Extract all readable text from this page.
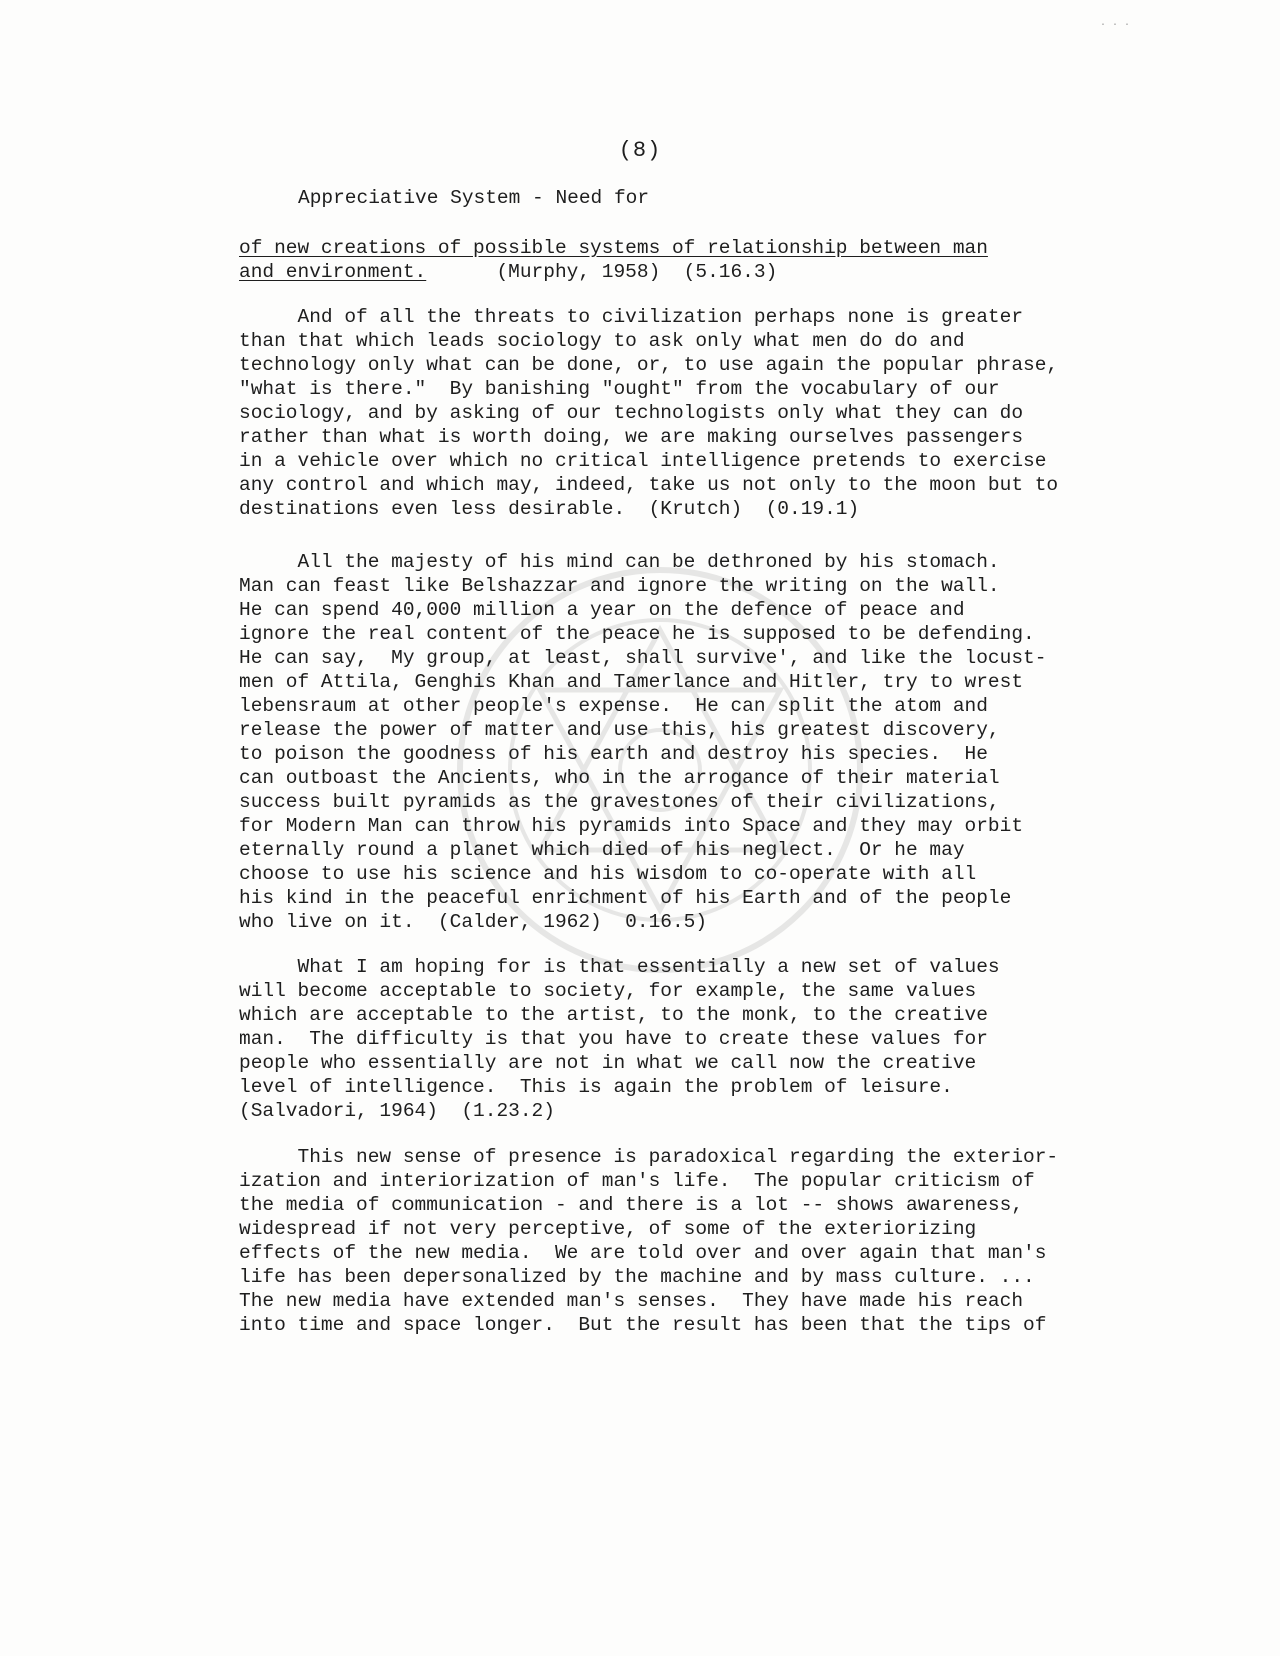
· · ·
(8)
Appreciative System - Need for
of new creations of possible systems of relationship between man
and environment.      (Murphy, 1958)  (5.16.3)

And of all the threats to civilization perhaps none is greater
than that which leads sociology to ask only what men do do and
technology only what can be done, or, to use again the popular phrase,
"what is there."  By banishing "ought" from the vocabulary of our
sociology, and by asking of our technologists only what they can do
rather than what is worth doing, we are making ourselves passengers
in a vehicle over which no critical intelligence pretends to exercise
any control and which may, indeed, take us not only to the moon but to
destinations even less desirable.  (Krutch)  (0.19.1)

All the majesty of his mind can be dethroned by his stomach.
Man can feast like Belshazzar and ignore the writing on the wall.
He can spend 40,000 million a year on the defence of peace and
ignore the real content of the peace he is supposed to be defending.
He can say,  My group, at least, shall survive', and like the locust-
men of Attila, Genghis Khan and Tamerlance and Hitler, try to wrest
lebensraum at other people's expense.  He can split the atom and
release the power of matter and use this, his greatest discovery,
to poison the goodness of his earth and destroy his species.  He
can outboast the Ancients, who in the arrogance of their material
success built pyramids as the gravestones of their civilizations,
for Modern Man can throw his pyramids into Space and they may orbit
eternally round a planet which died of his neglect.  Or he may
choose to use his science and his wisdom to co-operate with all
his kind in the peaceful enrichment of his Earth and of the people
who live on it.  (Calder, 1962)  0.16.5)

What I am hoping for is that essentially a new set of values
will become acceptable to society, for example, the same values
which are acceptable to the artist, to the monk, to the creative
man.  The difficulty is that you have to create these values for
people who essentially are not in what we call now the creative
level of intelligence.  This is again the problem of leisure.
(Salvadori, 1964)  (1.23.2)

This new sense of presence is paradoxical regarding the exterior-
ization and interiorization of man's life.  The popular criticism of
the media of communication - and there is a lot -- shows awareness,
widespread if not very perceptive, of some of the exteriorizing
effects of the new media.  We are told over and over again that man's
life has been depersonalized by the machine and by mass culture. ...
The new media have extended man's senses.  They have made his reach
into time and space longer.  But the result has been that the tips of
